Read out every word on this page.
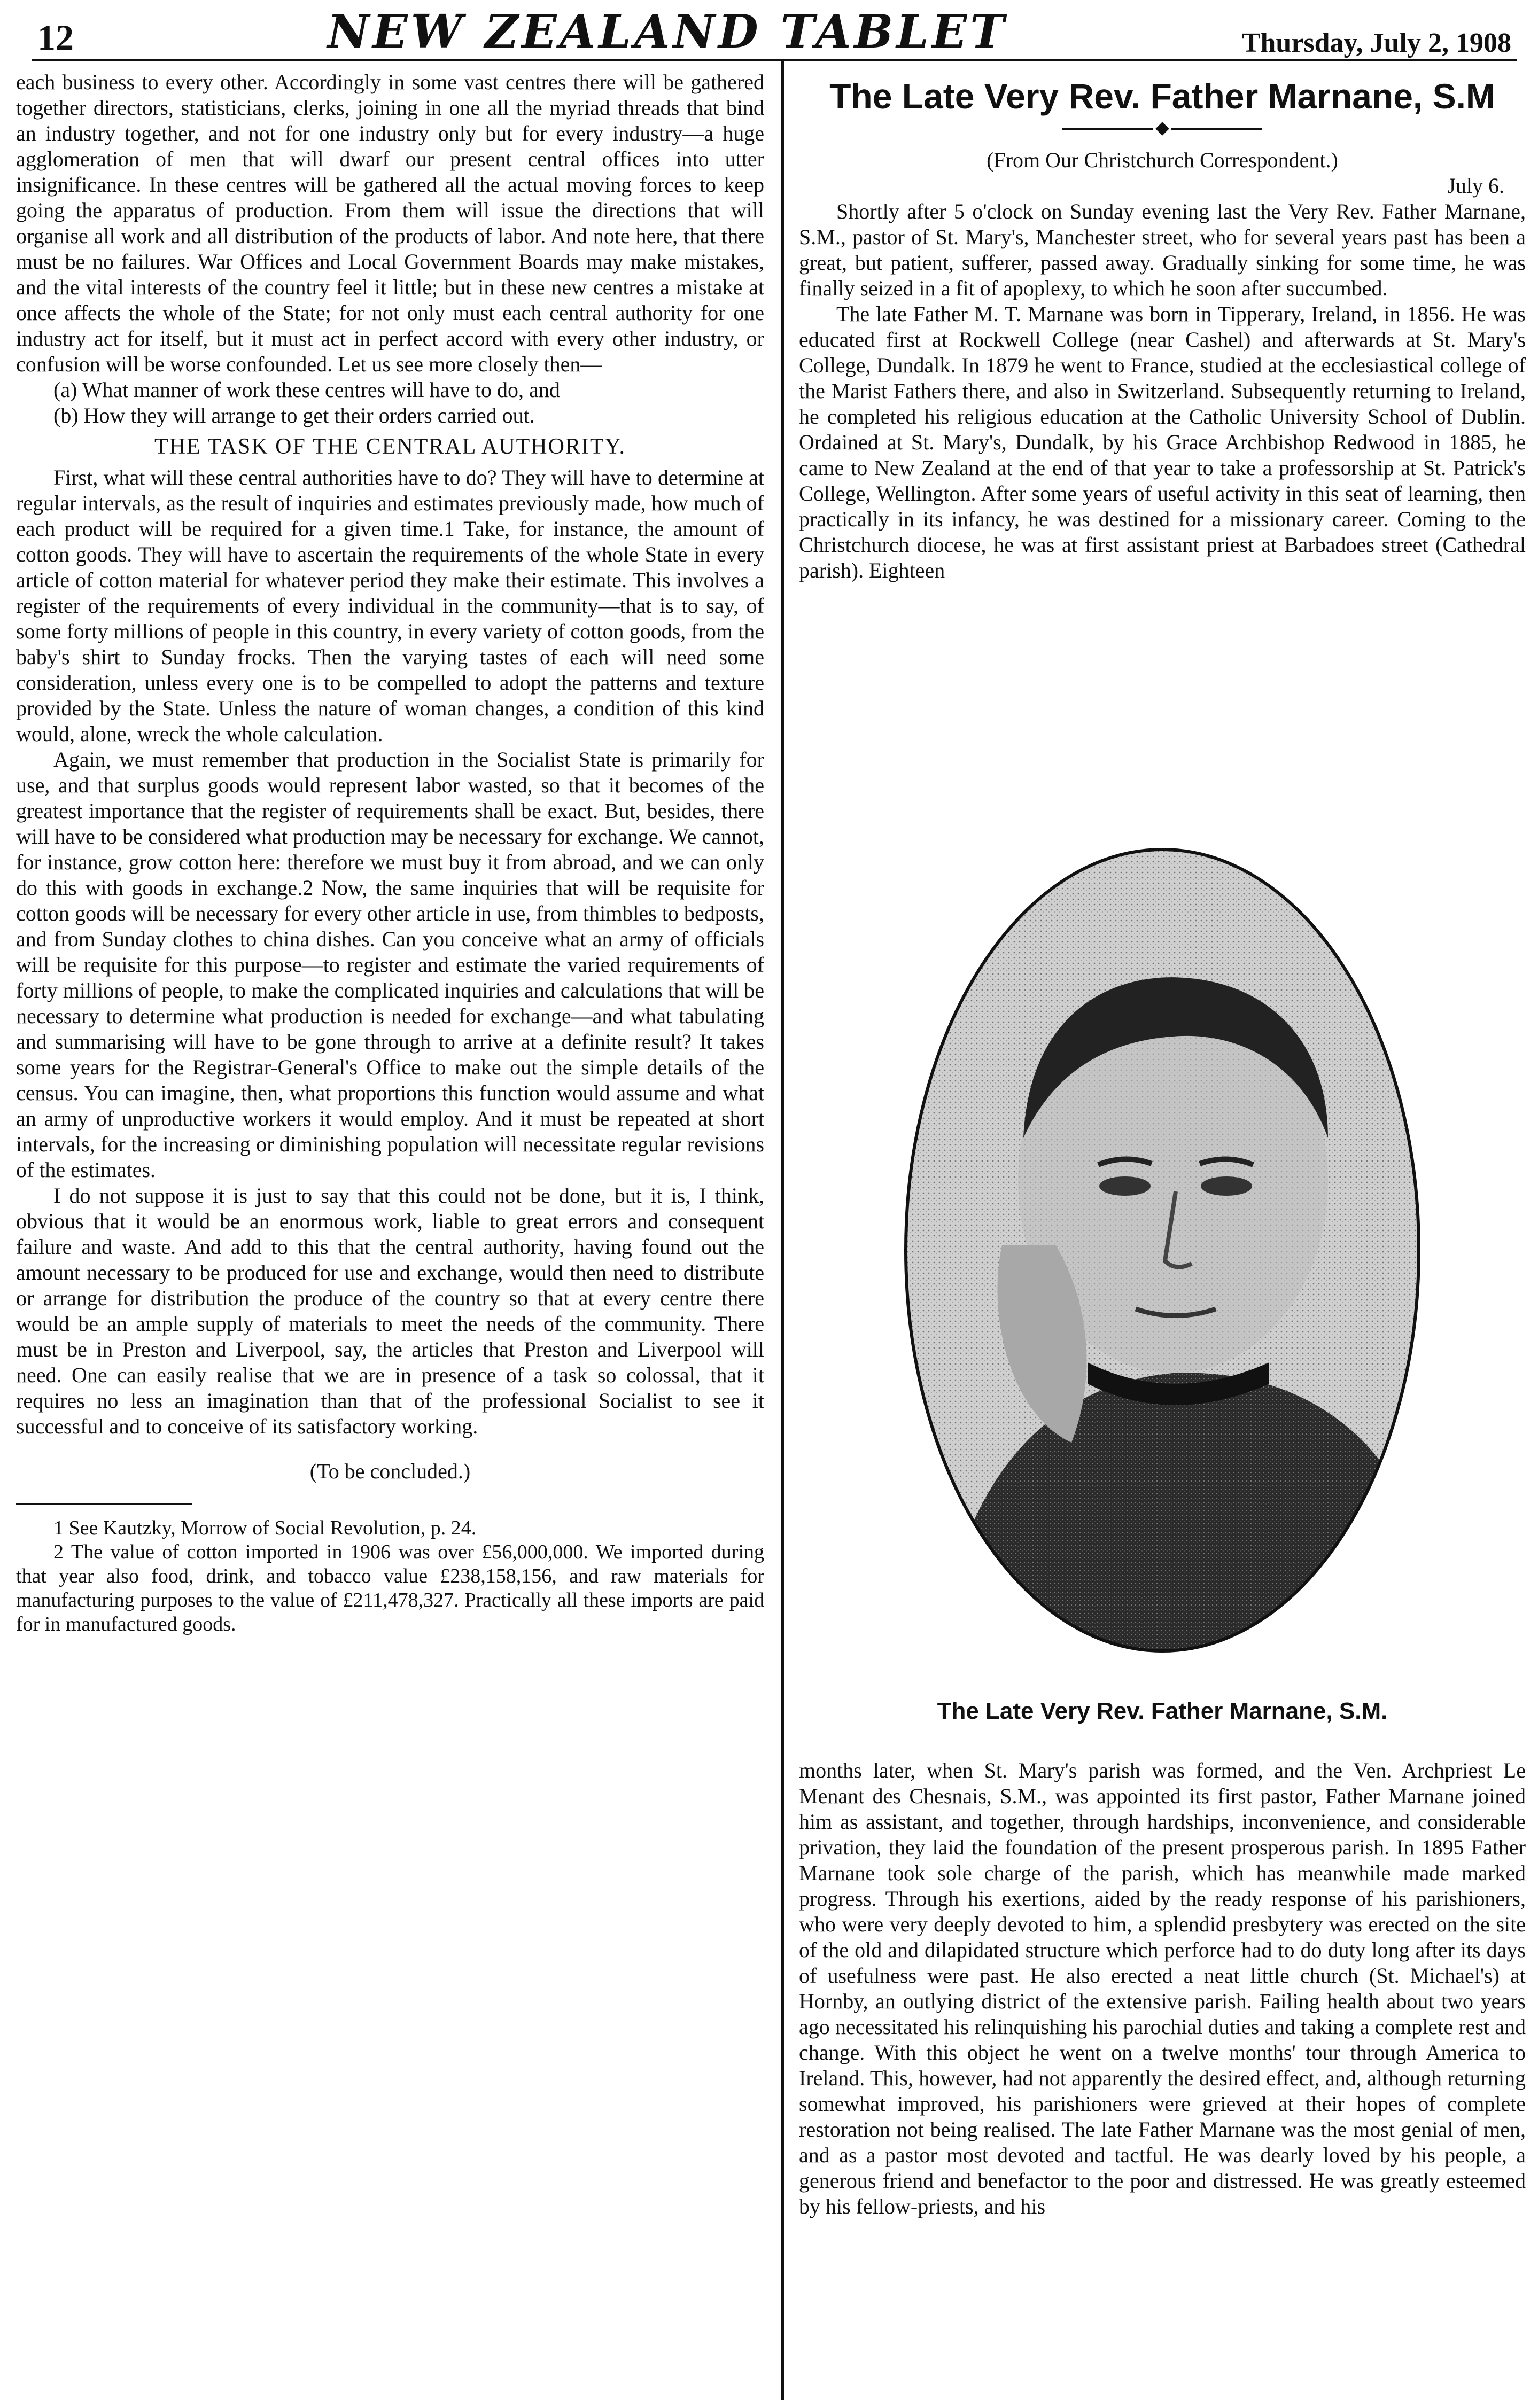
12	NEW ZEALAND TABLET	Thursday, July 2, 1908

each business to every other. Accordingly in some vast centres there will be gathered together directors, statisticians, clerks, joining in one all the myriad threads that bind an industry together, and not for one industry only but for every industry—a huge agglomeration of men that will dwarf our present central offices into utter insignificance. In these centres will be gathered all the actual moving forces to keep going the apparatus of production. From them will issue the directions that will organise all work and all distribution of the products of labor. And note here, that there must be no failures. War Offices and Local Government Boards may make mistakes, and the vital interests of the country feel it little; but in these new centres a mistake at once affects the whole of the State; for not only must each central authority for one industry act for itself, but it must act in perfect accord with every other industry, or confusion will be worse confounded. Let us see more closely then—

(a) What manner of work these centres will have to do, and

(b) How they will arrange to get their orders carried out.

THE TASK OF THE CENTRAL AUTHORITY.

First, what will these central authorities have to do? They will have to determine at regular intervals, as the result of inquiries and estimates previously made, how much of each product will be required for a given time.1 Take, for instance, the amount of cotton goods. They will have to ascertain the requirements of the whole State in every article of cotton material for whatever period they make their estimate. This involves a register of the requirements of every individual in the community—that is to say, of some forty millions of people in this country, in every variety of cotton goods, from the baby's shirt to Sunday frocks. Then the varying tastes of each will need some consideration, unless every one is to be compelled to adopt the patterns and texture provided by the State. Unless the nature of woman changes, a condition of this kind would, alone, wreck the whole calculation.

Again, we must remember that production in the Socialist State is primarily for use, and that surplus goods would represent labor wasted, so that it becomes of the greatest importance that the register of requirements shall be exact. But, besides, there will have to be considered what production may be necessary for exchange. We cannot, for instance, grow cotton here: therefore we must buy it from abroad, and we can only do this with goods in exchange.2 Now, the same inquiries that will be requisite for cotton goods will be necessary for every other article in use, from thimbles to bedposts, and from Sunday clothes to china dishes. Can you conceive what an army of officials will be requisite for this purpose—to register and estimate the varied requirements of forty millions of people, to make the complicated inquiries and calculations that will be necessary to determine what production is needed for exchange—and what tabulating and summarising will have to be gone through to arrive at a definite result? It takes some years for the Registrar-General's Office to make out the simple details of the census. You can imagine, then, what proportions this function would assume and what an army of unproductive workers it would employ. And it must be repeated at short intervals, for the increasing or diminishing population will necessitate regular revisions of the estimates.

I do not suppose it is just to say that this could not be done, but it is, I think, obvious that it would be an enormous work, liable to great errors and consequent failure and waste. And add to this that the central authority, having found out the amount necessary to be produced for use and exchange, would then need to distribute or arrange for distribution the produce of the country so that at every centre there would be an ample supply of materials to meet the needs of the community. There must be in Preston and Liverpool, say, the articles that Preston and Liverpool will need. One can easily realise that we are in presence of a task so colossal, that it requires no less an imagination than that of the professional Socialist to see it successful and to conceive of its satisfactory working.

(To be concluded.)

1 See Kautzky, Morrow of Social Revolution, p. 24.

2 The value of cotton imported in 1906 was over £56,000,000. We imported during that year also food, drink, and tobacco value £238,158,156, and raw materials for manufacturing purposes to the value of £211,478,327. Practically all these imports are paid for in manufactured goods.

The Late Very Rev. Father Marnane, S.M
(From Our Christchurch Correspondent.)
July 6.

Shortly after 5 o'clock on Sunday evening last the Very Rev. Father Marnane, S.M., pastor of St. Mary's, Manchester street, who for several years past has been a great, but patient, sufferer, passed away. Gradually sinking for some time, he was finally seized in a fit of apoplexy, to which he soon after succumbed.

The late Father M. T. Marnane was born in Tipperary, Ireland, in 1856. He was educated first at Rockwell College (near Cashel) and afterwards at St. Mary's College, Dundalk. In 1879 he went to France, studied at the ecclesiastical college of the Marist Fathers there, and also in Switzerland. Subsequently returning to Ireland, he completed his religious education at the Catholic University School of Dublin. Ordained at St. Mary's, Dundalk, by his Grace Archbishop Redwood in 1885, he came to New Zealand at the end of that year to take a professorship at St. Patrick's College, Wellington. After some years of useful activity in this seat of learning, then practically in its infancy, he was destined for a missionary career. Coming to the Christchurch diocese, he was at first assistant priest at Barbadoes street (Cathedral parish). Eighteen

The Late Very Rev. Father Marnane, S.M.

months later, when St. Mary's parish was formed, and the Ven. Archpriest Le Menant des Chesnais, S.M., was appointed its first pastor, Father Marnane joined him as assistant, and together, through hardships, inconvenience, and considerable privation, they laid the foundation of the present prosperous parish. In 1895 Father Marnane took sole charge of the parish, which has meanwhile made marked progress. Through his exertions, aided by the ready response of his parishioners, who were very deeply devoted to him, a splendid presbytery was erected on the site of the old and dilapidated structure which perforce had to do duty long after its days of usefulness were past. He also erected a neat little church (St. Michael's) at Hornby, an outlying district of the extensive parish. Failing health about two years ago necessitated his relinquishing his parochial duties and taking a complete rest and change. With this object he went on a twelve months' tour through America to Ireland. This, however, had not apparently the desired effect, and, although returning somewhat improved, his parishioners were grieved at their hopes of complete restoration not being realised. The late Father Marnane was the most genial of men, and as a pastor most devoted and tactful. He was dearly loved by his people, a generous friend and benefactor to the poor and distressed. He was greatly esteemed by his fellow-priests, and his
